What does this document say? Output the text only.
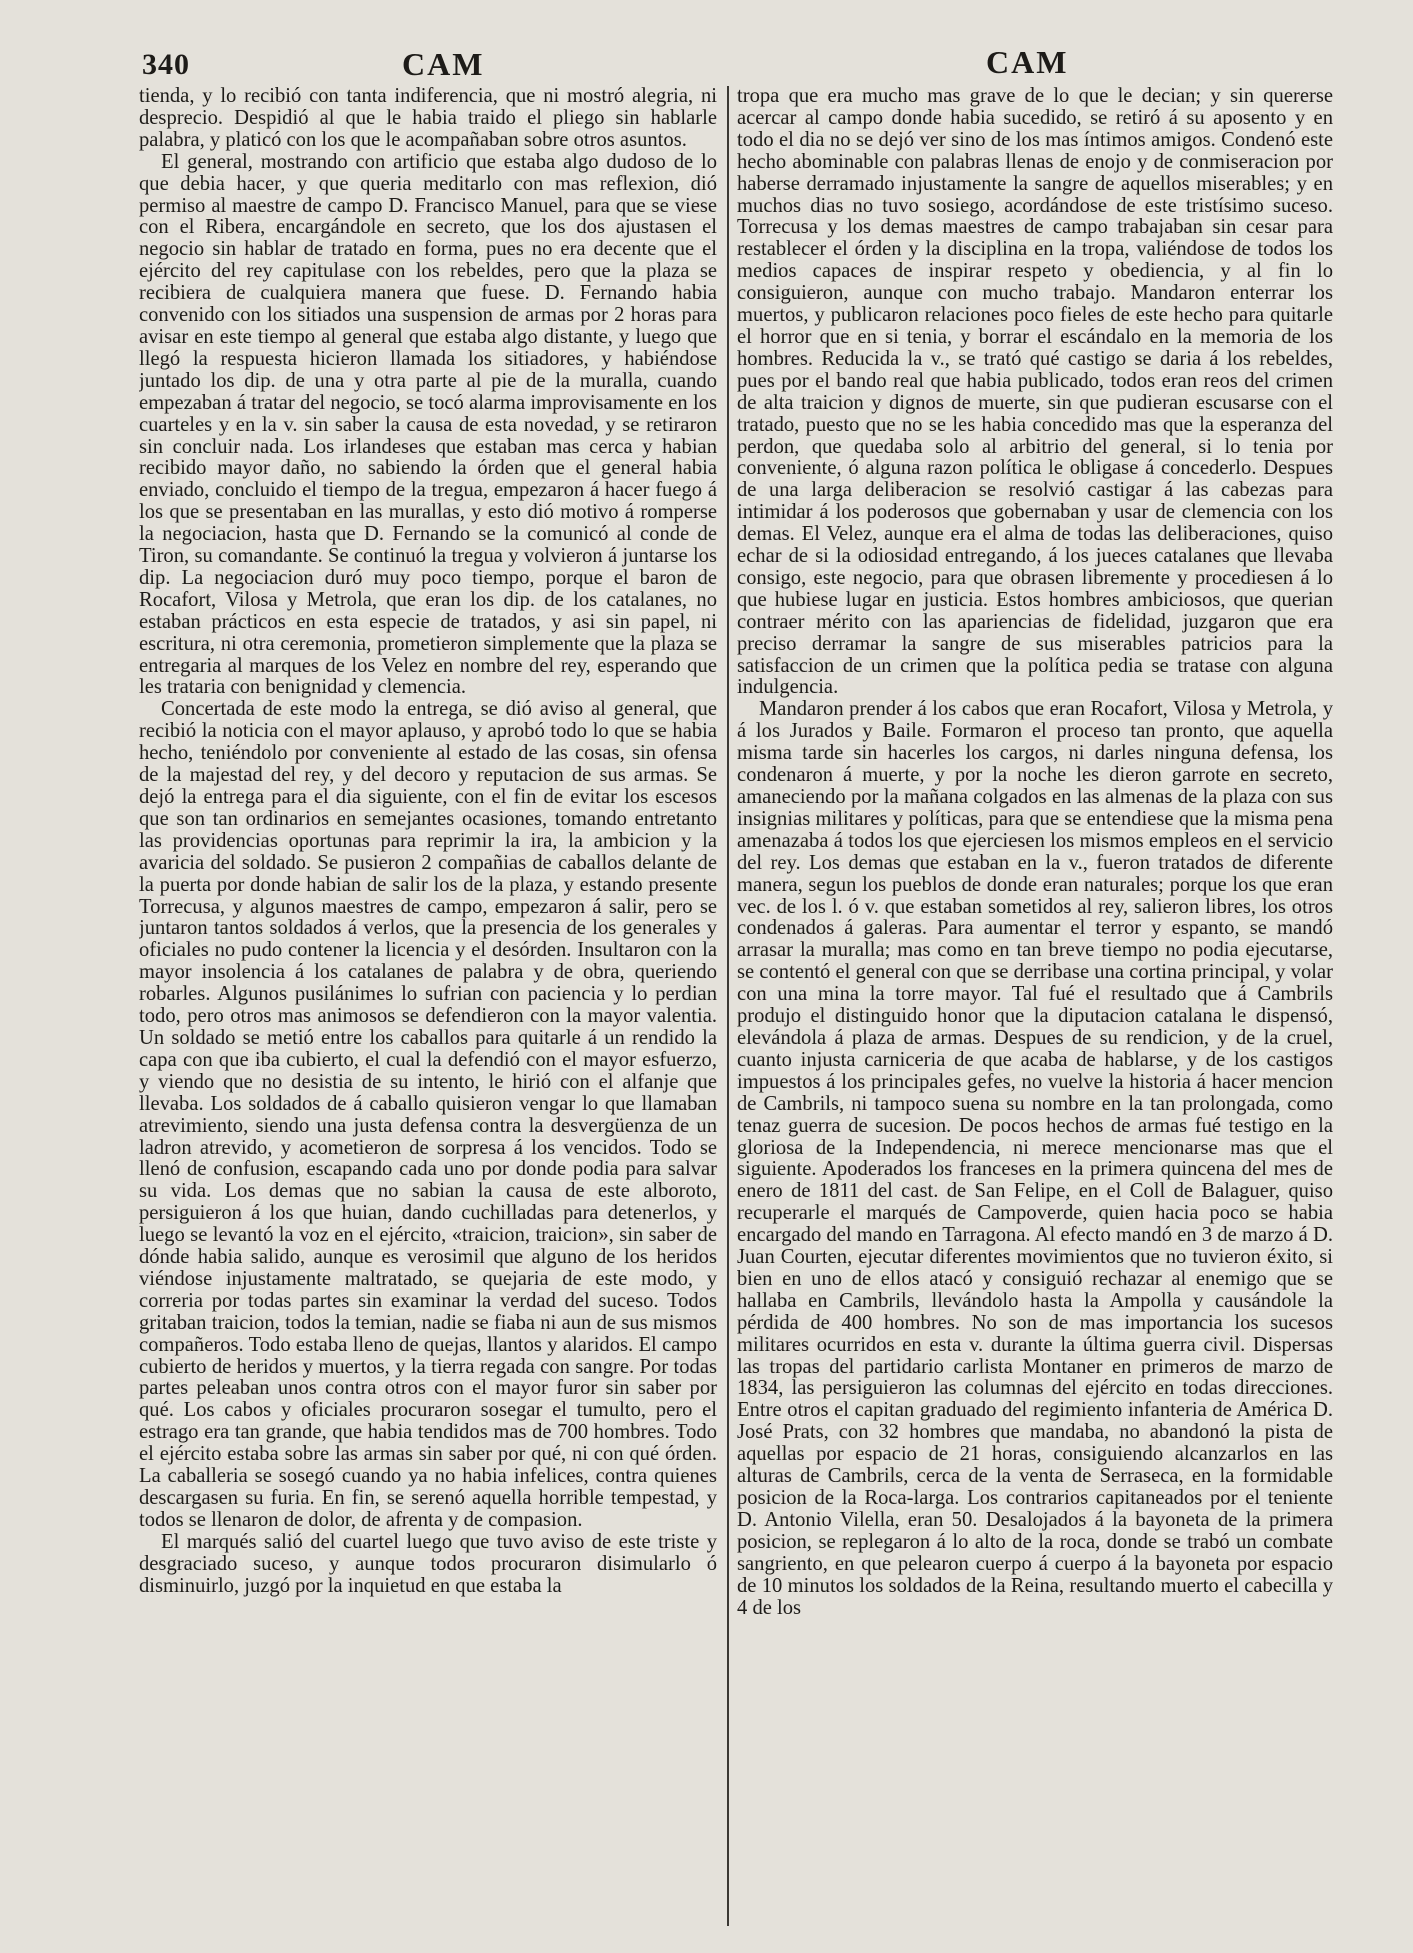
340	CAM	CAM

tienda, y lo recibió con tanta indiferencia, que ni mostró alegria, ni desprecio. Despidió al que le habia traido el pliego sin hablarle palabra, y platicó con los que le acompañaban sobre otros asuntos.

El general, mostrando con artificio que estaba algo dudoso de lo que debia hacer, y que queria meditarlo con mas reflexion, dió permiso al maestre de campo D. Francisco Manuel, para que se viese con el Ribera, encargándole en secreto, que los dos ajustasen el negocio sin hablar de tratado en forma, pues no era decente que el ejército del rey capitulase con los rebeldes, pero que la plaza se recibiera de cualquiera manera que fuese. D. Fernando habia convenido con los sitiados una suspension de armas por 2 horas para avisar en este tiempo al general que estaba algo distante, y luego que llegó la respuesta hicieron llamada los sitiadores, y habiéndose juntado los dip. de una y otra parte al pie de la muralla, cuando empezaban á tratar del negocio, se tocó alarma improvisamente en los cuarteles y en la v. sin saber la causa de esta novedad, y se retiraron sin concluir nada. Los irlandeses que estaban mas cerca y habian recibido mayor daño, no sabiendo la órden que el general habia enviado, concluido el tiempo de la tregua, empezaron á hacer fuego á los que se presentaban en las murallas, y esto dió motivo á romperse la negociacion, hasta que D. Fernando se la comunicó al conde de Tiron, su comandante. Se continuó la tregua y volvieron á juntarse los dip. La negociacion duró muy poco tiempo, porque el baron de Rocafort, Vilosa y Metrola, que eran los dip. de los catalanes, no estaban prácticos en esta especie de tratados, y asi sin papel, ni escritura, ni otra ceremonia, prometieron simplemente que la plaza se entregaria al marques de los Velez en nombre del rey, esperando que les trataria con benignidad y clemencia.

Concertada de este modo la entrega, se dió aviso al general, que recibió la noticia con el mayor aplauso, y aprobó todo lo que se habia hecho, teniéndolo por conveniente al estado de las cosas, sin ofensa de la majestad del rey, y del decoro y reputacion de sus armas. Se dejó la entrega para el dia siguiente, con el fin de evitar los escesos que son tan ordinarios en semejantes ocasiones, tomando entretanto las providencias oportunas para reprimir la ira, la ambicion y la avaricia del soldado. Se pusieron 2 compañias de caballos delante de la puerta por donde habian de salir los de la plaza, y estando presente Torrecusa, y algunos maestres de campo, empezaron á salir, pero se juntaron tantos soldados á verlos, que la presencia de los generales y oficiales no pudo contener la licencia y el desórden. Insultaron con la mayor insolencia á los catalanes de palabra y de obra, queriendo robarles. Algunos pusilánimes lo sufrian con paciencia y lo perdian todo, pero otros mas animosos se defendieron con la mayor valentia. Un soldado se metió entre los caballos para quitarle á un rendido la capa con que iba cubierto, el cual la defendió con el mayor esfuerzo, y viendo que no desistia de su intento, le hirió con el alfanje que llevaba. Los soldados de á caballo quisieron vengar lo que llamaban atrevimiento, siendo una justa defensa contra la desvergüenza de un ladron atrevido, y acometieron de sorpresa á los vencidos. Todo se llenó de confusion, escapando cada uno por donde podia para salvar su vida. Los demas que no sabian la causa de este alboroto, persiguieron á los que huian, dando cuchilladas para detenerlos, y luego se levantó la voz en el ejército, «traicion, traicion», sin saber de dónde habia salido, aunque es verosimil que alguno de los heridos viéndose injustamente maltratado, se quejaria de este modo, y correria por todas partes sin examinar la verdad del suceso. Todos gritaban traicion, todos la temian, nadie se fiaba ni aun de sus mismos compañeros. Todo estaba lleno de quejas, llantos y alaridos. El campo cubierto de heridos y muertos, y la tierra regada con sangre. Por todas partes peleaban unos contra otros con el mayor furor sin saber por qué. Los cabos y oficiales procuraron sosegar el tumulto, pero el estrago era tan grande, que habia tendidos mas de 700 hombres. Todo el ejército estaba sobre las armas sin saber por qué, ni con qué órden. La caballeria se sosegó cuando ya no habia infelices, contra quienes descargasen su furia. En fin, se serenó aquella horrible tempestad, y todos se llenaron de dolor, de afrenta y de compasion.

El marqués salió del cuartel luego que tuvo aviso de este triste y desgraciado suceso, y aunque todos procuraron disimularlo ó disminuirlo, juzgó por la inquietud en que estaba la

tropa que era mucho mas grave de lo que le decian; y sin quererse acercar al campo donde habia sucedido, se retiró á su aposento y en todo el dia no se dejó ver sino de los mas íntimos amigos. Condenó este hecho abominable con palabras llenas de enojo y de conmiseracion por haberse derramado injustamente la sangre de aquellos miserables; y en muchos dias no tuvo sosiego, acordándose de este tristísimo suceso. Torrecusa y los demas maestres de campo trabajaban sin cesar para restablecer el órden y la disciplina en la tropa, valiéndose de todos los medios capaces de inspirar respeto y obediencia, y al fin lo consiguieron, aunque con mucho trabajo. Mandaron enterrar los muertos, y publicaron relaciones poco fieles de este hecho para quitarle el horror que en si tenia, y borrar el escándalo en la memoria de los hombres. Reducida la v., se trató qué castigo se daria á los rebeldes, pues por el bando real que habia publicado, todos eran reos del crimen de alta traicion y dignos de muerte, sin que pudieran escusarse con el tratado, puesto que no se les habia concedido mas que la esperanza del perdon, que quedaba solo al arbitrio del general, si lo tenia por conveniente, ó alguna razon política le obligase á concederlo. Despues de una larga deliberacion se resolvió castigar á las cabezas para intimidar á los poderosos que gobernaban y usar de clemencia con los demas. El Velez, aunque era el alma de todas las deliberaciones, quiso echar de si la odiosidad entregando, á los jueces catalanes que llevaba consigo, este negocio, para que obrasen libremente y procediesen á lo que hubiese lugar en justicia. Estos hombres ambiciosos, que querian contraer mérito con las apariencias de fidelidad, juzgaron que era preciso derramar la sangre de sus miserables patricios para la satisfaccion de un crimen que la política pedia se tratase con alguna indulgencia.

Mandaron prender á los cabos que eran Rocafort, Vilosa y Metrola, y á los Jurados y Baile. Formaron el proceso tan pronto, que aquella misma tarde sin hacerles los cargos, ni darles ninguna defensa, los condenaron á muerte, y por la noche les dieron garrote en secreto, amaneciendo por la mañana colgados en las almenas de la plaza con sus insignias militares y políticas, para que se entendiese que la misma pena amenazaba á todos los que ejerciesen los mismos empleos en el servicio del rey. Los demas que estaban en la v., fueron tratados de diferente manera, segun los pueblos de donde eran naturales; porque los que eran vec. de los l. ó v. que estaban sometidos al rey, salieron libres, los otros condenados á galeras. Para aumentar el terror y espanto, se mandó arrasar la muralla; mas como en tan breve tiempo no podia ejecutarse, se contentó el general con que se derribase una cortina principal, y volar con una mina la torre mayor. Tal fué el resultado que á Cambrils produjo el distinguido honor que la diputacion catalana le dispensó, elevándola á plaza de armas. Despues de su rendicion, y de la cruel, cuanto injusta carniceria de que acaba de hablarse, y de los castigos impuestos á los principales gefes, no vuelve la historia á hacer mencion de Cambrils, ni tampoco suena su nombre en la tan prolongada, como tenaz guerra de sucesion. De pocos hechos de armas fué testigo en la gloriosa de la Independencia, ni merece mencionarse mas que el siguiente. Apoderados los franceses en la primera quincena del mes de enero de 1811 del cast. de San Felipe, en el Coll de Balaguer, quiso recuperarle el marqués de Campoverde, quien hacia poco se habia encargado del mando en Tarragona. Al efecto mandó en 3 de marzo á D. Juan Courten, ejecutar diferentes movimientos que no tuvieron éxito, si bien en uno de ellos atacó y consiguió rechazar al enemigo que se hallaba en Cambrils, llevándolo hasta la Ampolla y causándole la pérdida de 400 hombres. No son de mas importancia los sucesos militares ocurridos en esta v. durante la última guerra civil. Dispersas las tropas del partidario carlista Montaner en primeros de marzo de 1834, las persiguieron las columnas del ejército en todas direcciones. Entre otros el capitan graduado del regimiento infanteria de América D. José Prats, con 32 hombres que mandaba, no abandonó la pista de aquellas por espacio de 21 horas, consiguiendo alcanzarlos en las alturas de Cambrils, cerca de la venta de Serraseca, en la formidable posicion de la Roca-larga. Los contrarios capitaneados por el teniente D. Antonio Vilella, eran 50. Desalojados á la bayoneta de la primera posicion, se replegaron á lo alto de la roca, donde se trabó un combate sangriento, en que pelearon cuerpo á cuerpo á la bayoneta por espacio de 10 minutos los soldados de la Reina, resultando muerto el cabecilla y 4 de los
